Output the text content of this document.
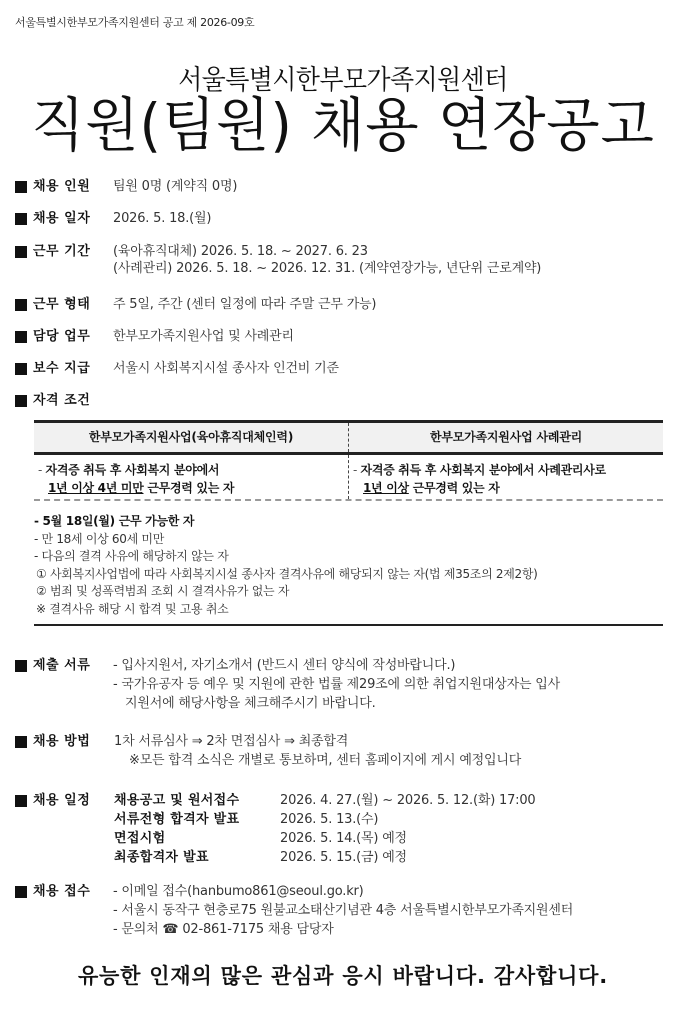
서울특별시한부모가족지원센터 공고 제 2026-09호
서울특별시한부모가족지원센터
직원(팀원) 채용 연장공고
채용 인원	팀원 0명 (계약직 0명)
채용 일자	2026. 5. 18.(월)
근무 기간	(육아휴직대체) 2026. 5. 18. ~ 2027. 6. 23
(사례관리) 2026. 5. 18. ~ 2026. 12. 31. (계약연장가능, 년단위 근로계약)
근무 형태	주 5일, 주간 (센터 일정에 따라 주말 근무 가능)
담당 업무	한부모가족지원사업 및 사례관리
보수 지급	서울시 사회복지시설 종사자 인건비 기준
자격 조건
한부모가족지원사업(육아휴직대체인력)	한부모가족지원사업 사례관리
- 자격증 취득 후 사회복지 분야에서
1년 이상 4년 미만 근무경력 있는 자
- 자격증 취득 후 사회복지 분야에서 사례관리사로
1년 이상 근무경력 있는 자
- 5월 18일(월) 근무 가능한 자
- 만 18세 이상 60세 미만
- 다음의 결격 사유에 해당하지 않는 자
① 사회복지사업법에 따라 사회복지시설 종사자 결격사유에 해당되지 않는 자(법 제35조의 2제2항)
② 범죄 및 성폭력범죄 조회 시 결격사유가 없는 자
※ 결격사유 해당 시 합격 및 고용 취소
제출 서류	- 입사지원서, 자기소개서 (반드시 센터 양식에 작성바랍니다.)
- 국가유공자 등 예우 및 지원에 관한 법률 제29조에 의한 취업지원대상자는 입사
지원서에 해당사항을 체크해주시기 바랍니다.
채용 방법	1차 서류심사 ⇒ 2차 면접심사 ⇒ 최종합격
※모든 합격 소식은 개별로 통보하며, 센터 홈페이지에 게시 예정입니다
채용 일정	채용공고 및 원서접수	2026. 4. 27.(월) ~ 2026. 5. 12.(화) 17:00
서류전형 합격자 발표	2026. 5. 13.(수)
면접시험	2026. 5. 14.(목) 예정
최종합격자 발표	2026. 5. 15.(금) 예정
채용 접수	- 이메일 접수(hanbumo861@seoul.go.kr)
- 서울시 동작구 현충로75 원불교소태산기념관 4층 서울특별시한부모가족지원센터
- 문의처 ☎ 02-861-7175 채용 담당자
유능한 인재의 많은 관심과 응시 바랍니다. 감사합니다.
